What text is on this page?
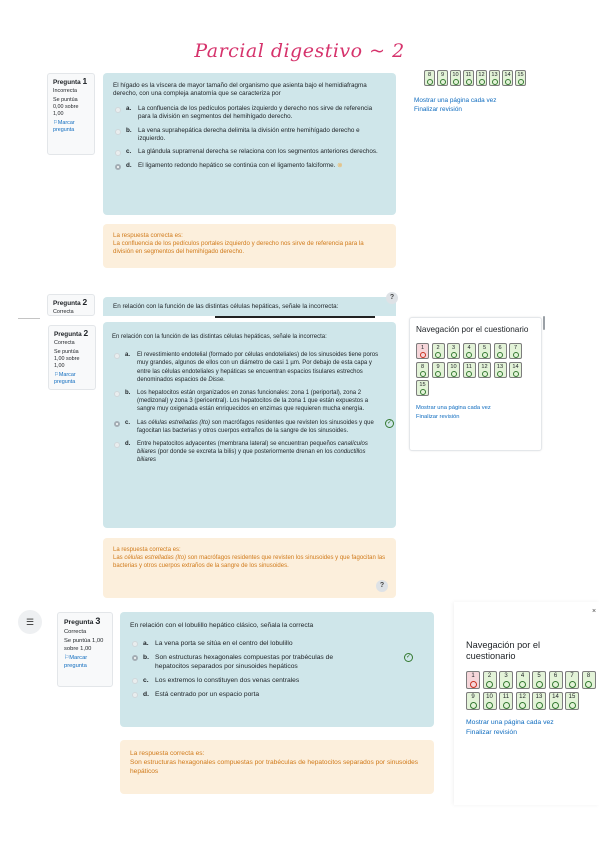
Parcial digestivo ~ 2
Pregunta 1
Incorrecta
Se puntúa 0,00 sobre 1,00
⚐Marcar pregunta
El hígado es la víscera de mayor tamaño del organismo que asienta bajo el hemidiafragma derecho, con una compleja anatomía que se caracteriza por
a. La confluencia de los pedículos portales izquierdo y derecho nos sirve de referencia para la división en segmentos del hemihígado derecho.
b. La vena suprahepática derecha delimita la división entre hemihígado derecho e izquierdo.
c. La glándula suprarrenal derecha se relaciona con los segmentos anteriores derechos.
d. El ligamento redondo hepático se continúa con el ligamento falciforme. ⊗
La respuesta correcta es:
La confluencia de los pedículos portales izquierdo y derecho nos sirve de referencia para la división en segmentos del hemihígado derecho.
8	9	10	11	12	13	14	15
Mostrar una página cada vez
Finalizar revisión
Pregunta 2
Correcta
En relación con la función de las distintas células hepáticas, señale la incorrecta:
?
Pregunta 2
Correcta
Se puntúa 1,00 sobre 1,00
⚐Marcar pregunta
En relación con la función de las distintas células hepáticas, señale la incorrecta:
a. El revestimiento endotelial (formado por células endoteliales) de los sinusoides tiene poros muy grandes, algunos de ellos con un diámetro de casi 1 µm. Por debajo de esta capa y entre las células endoteliales y hepáticas se encuentran espacios tisulares estrechos denominados espacios de Disse.
b. Los hepatocitos están organizados en zonas funcionales: zona 1 (periportal), zona 2 (medizonal) y zona 3 (pericentral). Los hepatocitos de la zona 1 que están expuestos a sangre muy oxigenada están enriquecidos en enzimas que requieren mucha energía.
c. Las células estrelladas (Ito) son macrófagos residentes que revisten los sinusoides y que fagocitan las bacterias y otros cuerpos extraños de la sangre de los sinusoides.
✓
d. Entre hepatocitos adyacentes (membrana lateral) se encuentran pequeños canalículos biliares (por donde se excreta la bilis) y que posteriormente drenan en los conductillos biliares
La respuesta correcta es:
Las células estrelladas (Ito) son macrófagos residentes que revisten los sinusoides y que fagocitan las bacterias y otros cuerpos extraños de la sangre de los sinusoides.
?
Navegación por el cuestionario
1	2	3	4	5	6	7
8	9	10	11	12	13	14
15
Mostrar una página cada vez
Finalizar revisión
☰	Pregunta 3
Correcta
Se puntúa 1,00 sobre 1,00
⚐Marcar pregunta
En relación con el lobulillo hepático clásico, señala la correcta
a. La vena porta se sitúa en el centro del lobulillo
b. Son estructuras hexagonales compuestas por trabéculas de hepatocitos separados por sinusoides hepáticos
✓
c. Los extremos lo constituyen dos venas centrales
d. Está centrado por un espacio porta
La respuesta correcta es:
Son estructuras hexagonales compuestas por trabéculas de hepatocitos separados por sinusoides hepáticos
Navegación por el cuestionario
1	2	3	4	5	6	7	8
9	10	11	12	13	14	15
Mostrar una página cada vez
Finalizar revisión
×
